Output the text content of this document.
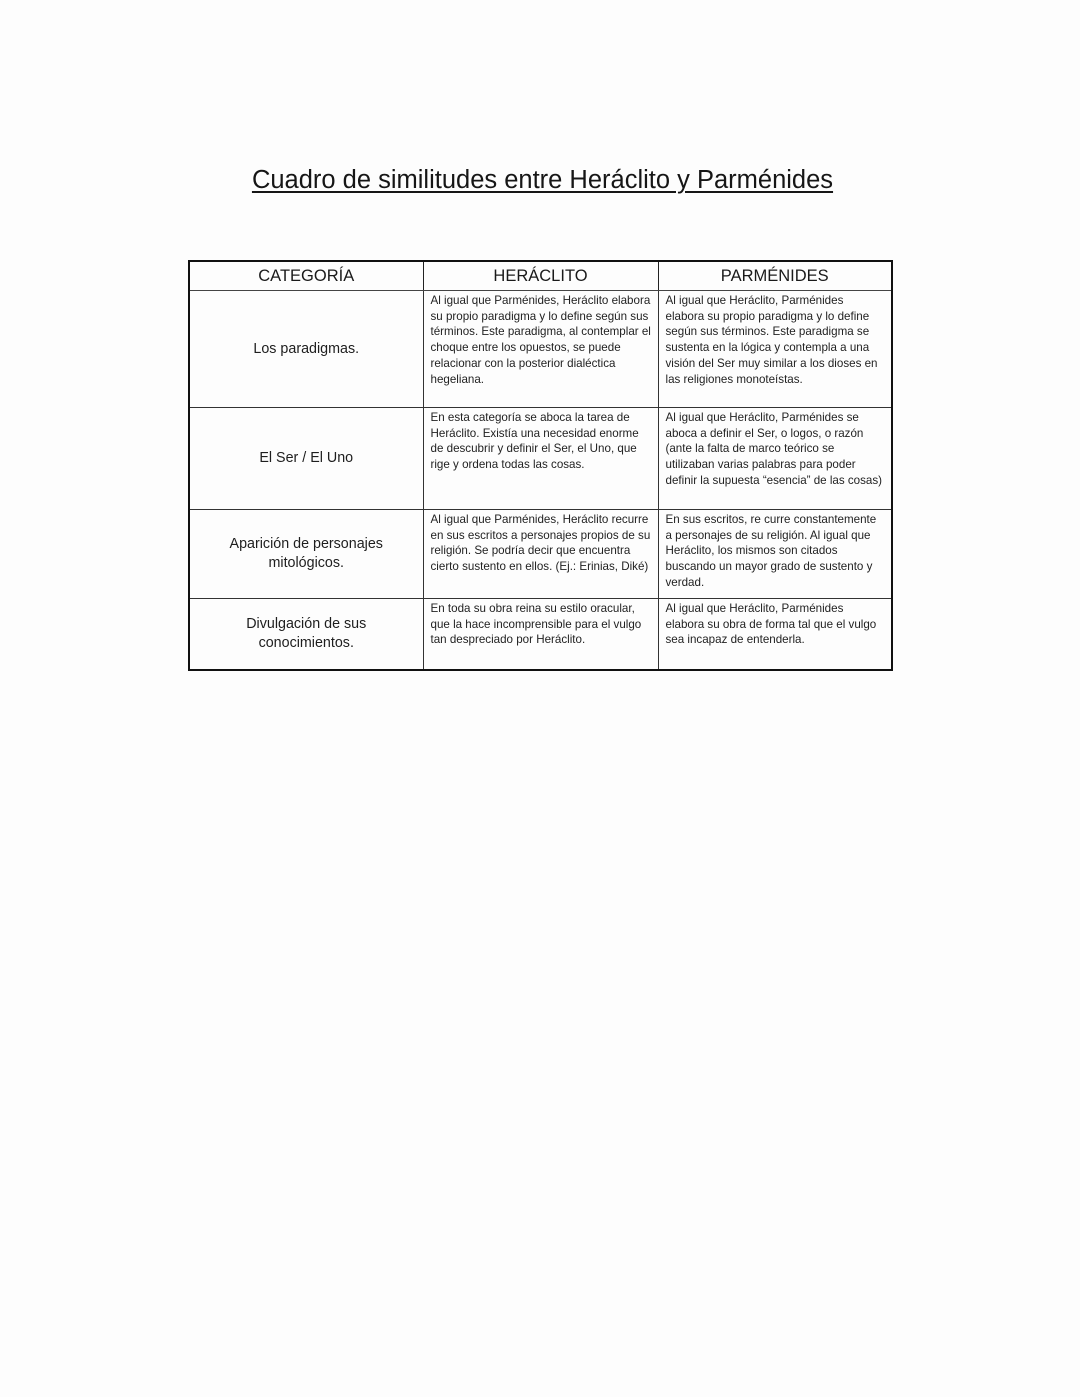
Cuadro de similitudes entre Heráclito y Parménides
CATEGORÍA	HERÁCLITO	PARMÉNIDES
Los paradigmas.	Al igual que Parménides, Heráclito elabora su propio paradigma y lo define según sus términos. Este paradigma, al contemplar el choque entre los opuestos, se puede relacionar con la posterior dialéctica hegeliana.	Al igual que Heráclito, Parménides elabora su propio paradigma y lo define según sus términos. Este paradigma se sustenta en la lógica y contempla a una visión del Ser muy similar a los dioses en las religiones monoteístas.
El Ser / El Uno	En esta categoría se aboca la tarea de Heráclito. Existía una necesidad enorme de descubrir y definir el Ser, el Uno, que rige y ordena todas las cosas.	Al igual que Heráclito, Parménides se aboca a definir el Ser, o logos, o razón (ante la falta de marco teórico se utilizaban varias palabras para poder definir la supuesta “esencia” de las cosas)
Aparición de personajes mitológicos.	Al igual que Parménides, Heráclito recurre en sus escritos a personajes propios de su religión. Se podría decir que encuentra cierto sustento en ellos. (Ej.: Erinias, Diké)	En sus escritos, re curre constantemente a personajes de su religión. Al igual que Heráclito, los mismos son citados buscando un mayor grado de sustento y verdad.
Divulgación de sus conocimientos.	En toda su obra reina su estilo oracular, que la hace incomprensible para el vulgo tan despreciado por Heráclito.	Al igual que Heráclito, Parménides elabora su obra de forma tal que el vulgo sea incapaz de entenderla.
